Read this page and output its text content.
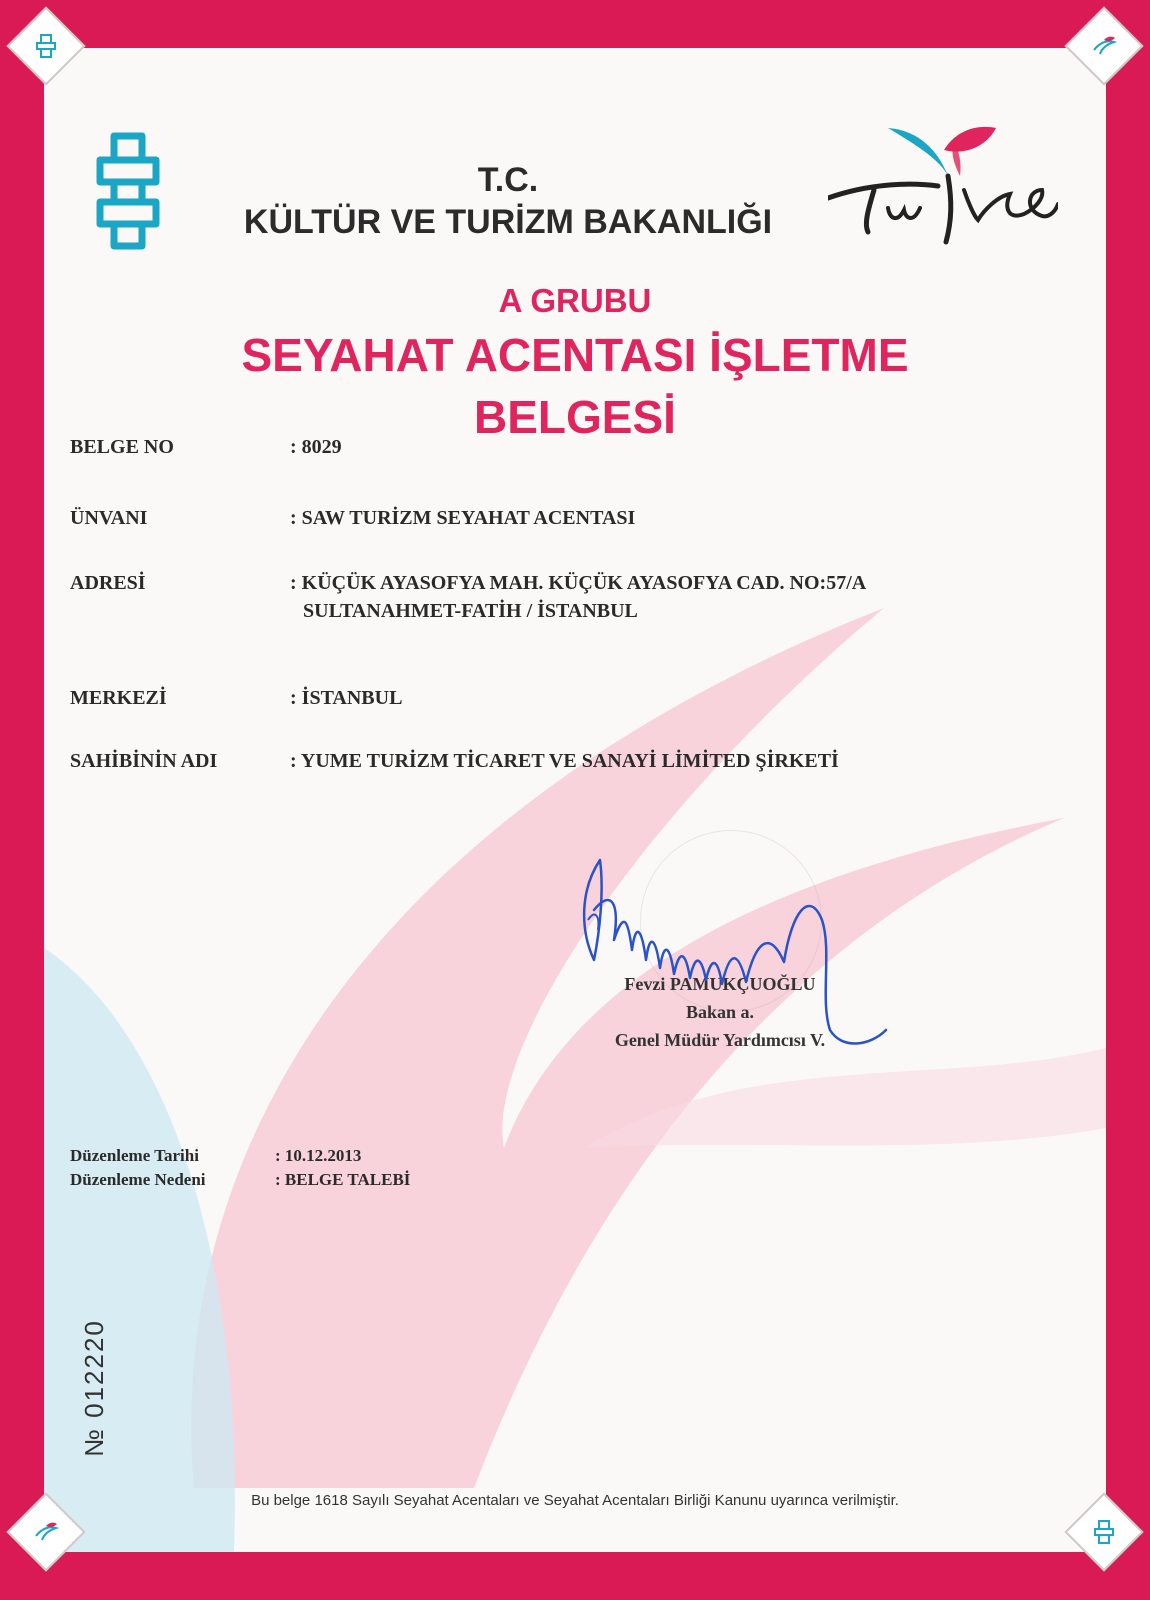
T.C.
KÜLTÜR VE TURİZM BAKANLIĞI
A GRUBU
SEYAHAT ACENTASI İŞLETME
BELGESİ
BELGE NO	: 8029
ÜNVANI	: SAW TURİZM SEYAHAT ACENTASI
ADRESİ	: KÜÇÜK AYASOFYA MAH. KÜÇÜK AYASOFYA CAD. NO:57/A
SULTANAHMET-FATİH / İSTANBUL
MERKEZİ	: İSTANBUL
SAHİBİNİN ADI	: YUME TURİZM TİCARET VE SANAYİ LİMİTED ŞİRKETİ
Fevzi PAMUKÇUOĞLU
Bakan a.
Genel Müdür Yardımcısı V.
Düzenleme Tarihi	: 10.12.2013
Düzenleme Nedeni	: BELGE TALEBİ
№ 012220
Bu belge 1618 Sayılı Seyahat Acentaları ve Seyahat Acentaları Birliği Kanunu uyarınca verilmiştir.
